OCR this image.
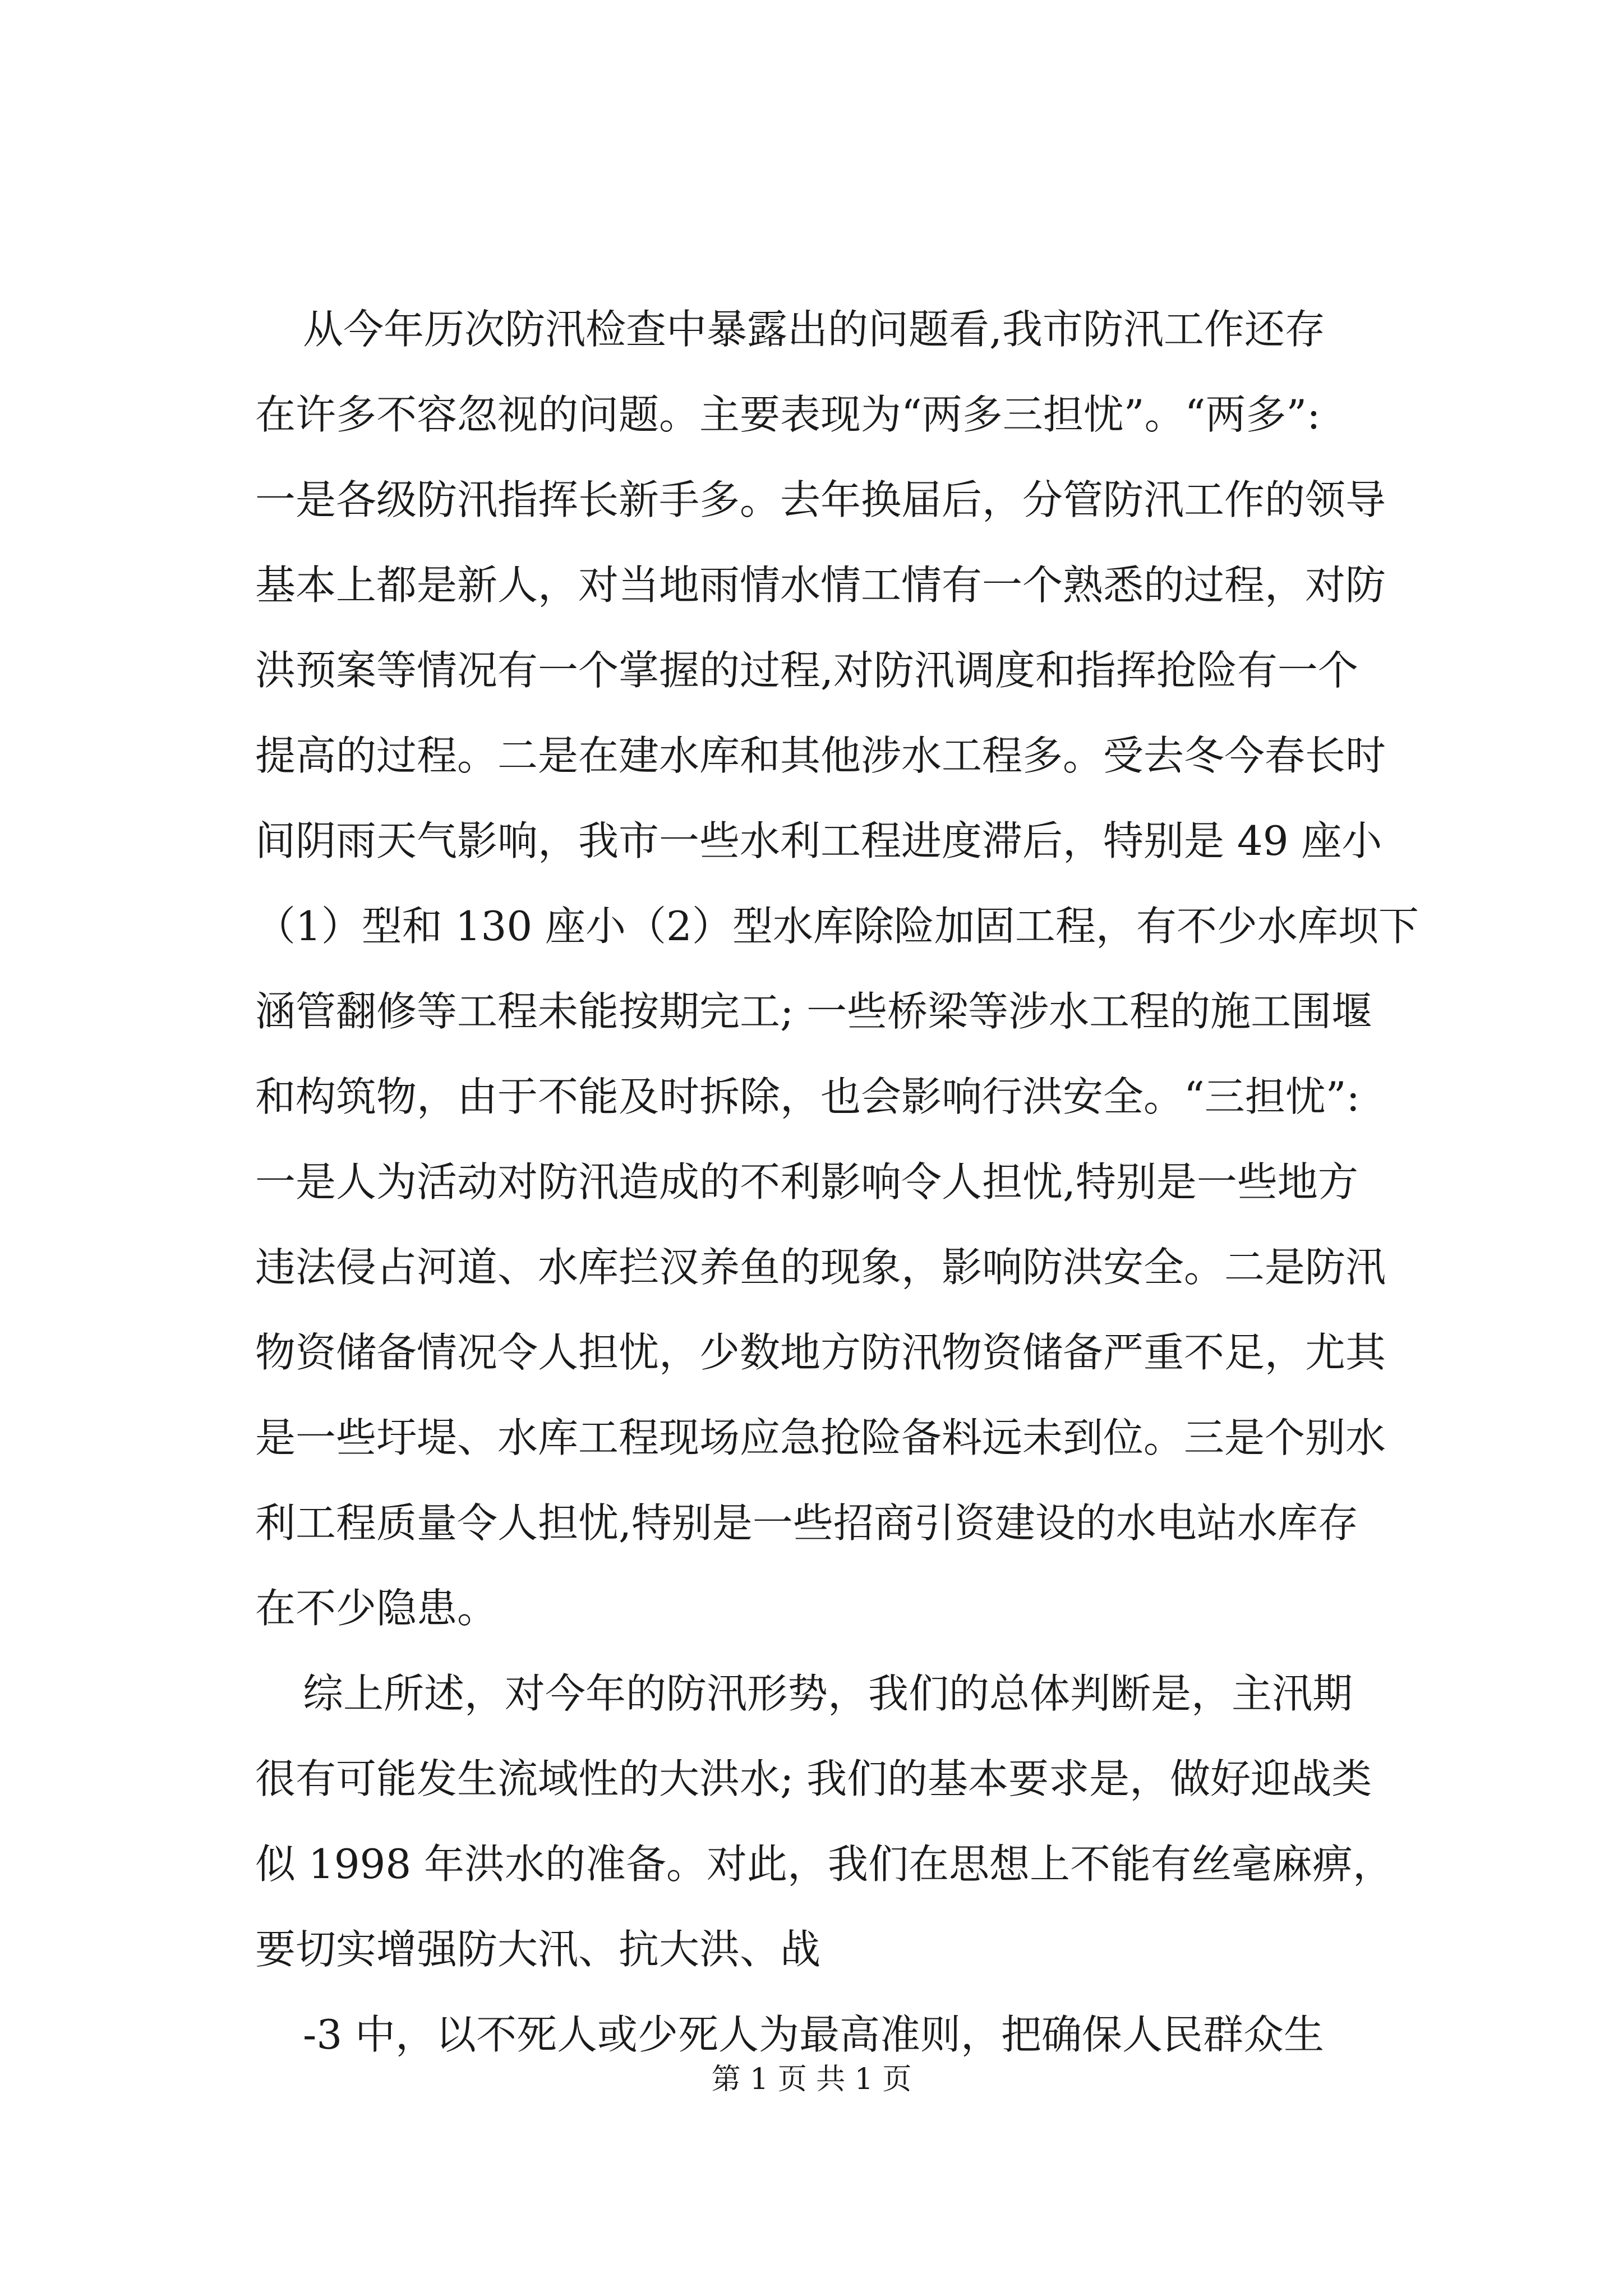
从今年历次防汛检查中暴露出的问题看,我市防汛工作还存
在许多不容忽视的问题。主要表现为“两多三担忧”。“两多”:
一是各级防汛指挥长新手多。去年换届后，分管防汛工作的领导
基本上都是新人，对当地雨情水情工情有一个熟悉的过程，对防
洪预案等情况有一个掌握的过程,对防汛调度和指挥抢险有一个
提高的过程。二是在建水库和其他涉水工程多。受去冬今春长时
间阴雨天气影响，我市一些水利工程进度滞后，特别是 49 座小
（1）型和 130 座小（2）型水库除险加固工程，有不少水库坝下
涵管翻修等工程未能按期完工; 一些桥梁等涉水工程的施工围堰
和构筑物，由于不能及时拆除，也会影响行洪安全。“三担忧”:
一是人为活动对防汛造成的不利影响令人担忧,特别是一些地方
违法侵占河道、水库拦汊养鱼的现象，影响防洪安全。二是防汛
物资储备情况令人担忧，少数地方防汛物资储备严重不足，尤其
是一些圩堤、水库工程现场应急抢险备料远未到位。三是个别水
利工程质量令人担忧,特别是一些招商引资建设的水电站水库存
在不少隐患。
综上所述，对今年的防汛形势，我们的总体判断是，主汛期
很有可能发生流域性的大洪水; 我们的基本要求是，做好迎战类
似 1998 年洪水的准备。对此，我们在思想上不能有丝毫麻痹，
要切实增强防大汛、抗大洪、战
-3 中，以不死人或少死人为最高准则，把确保人民群众生
第 1 页 共 1 页
